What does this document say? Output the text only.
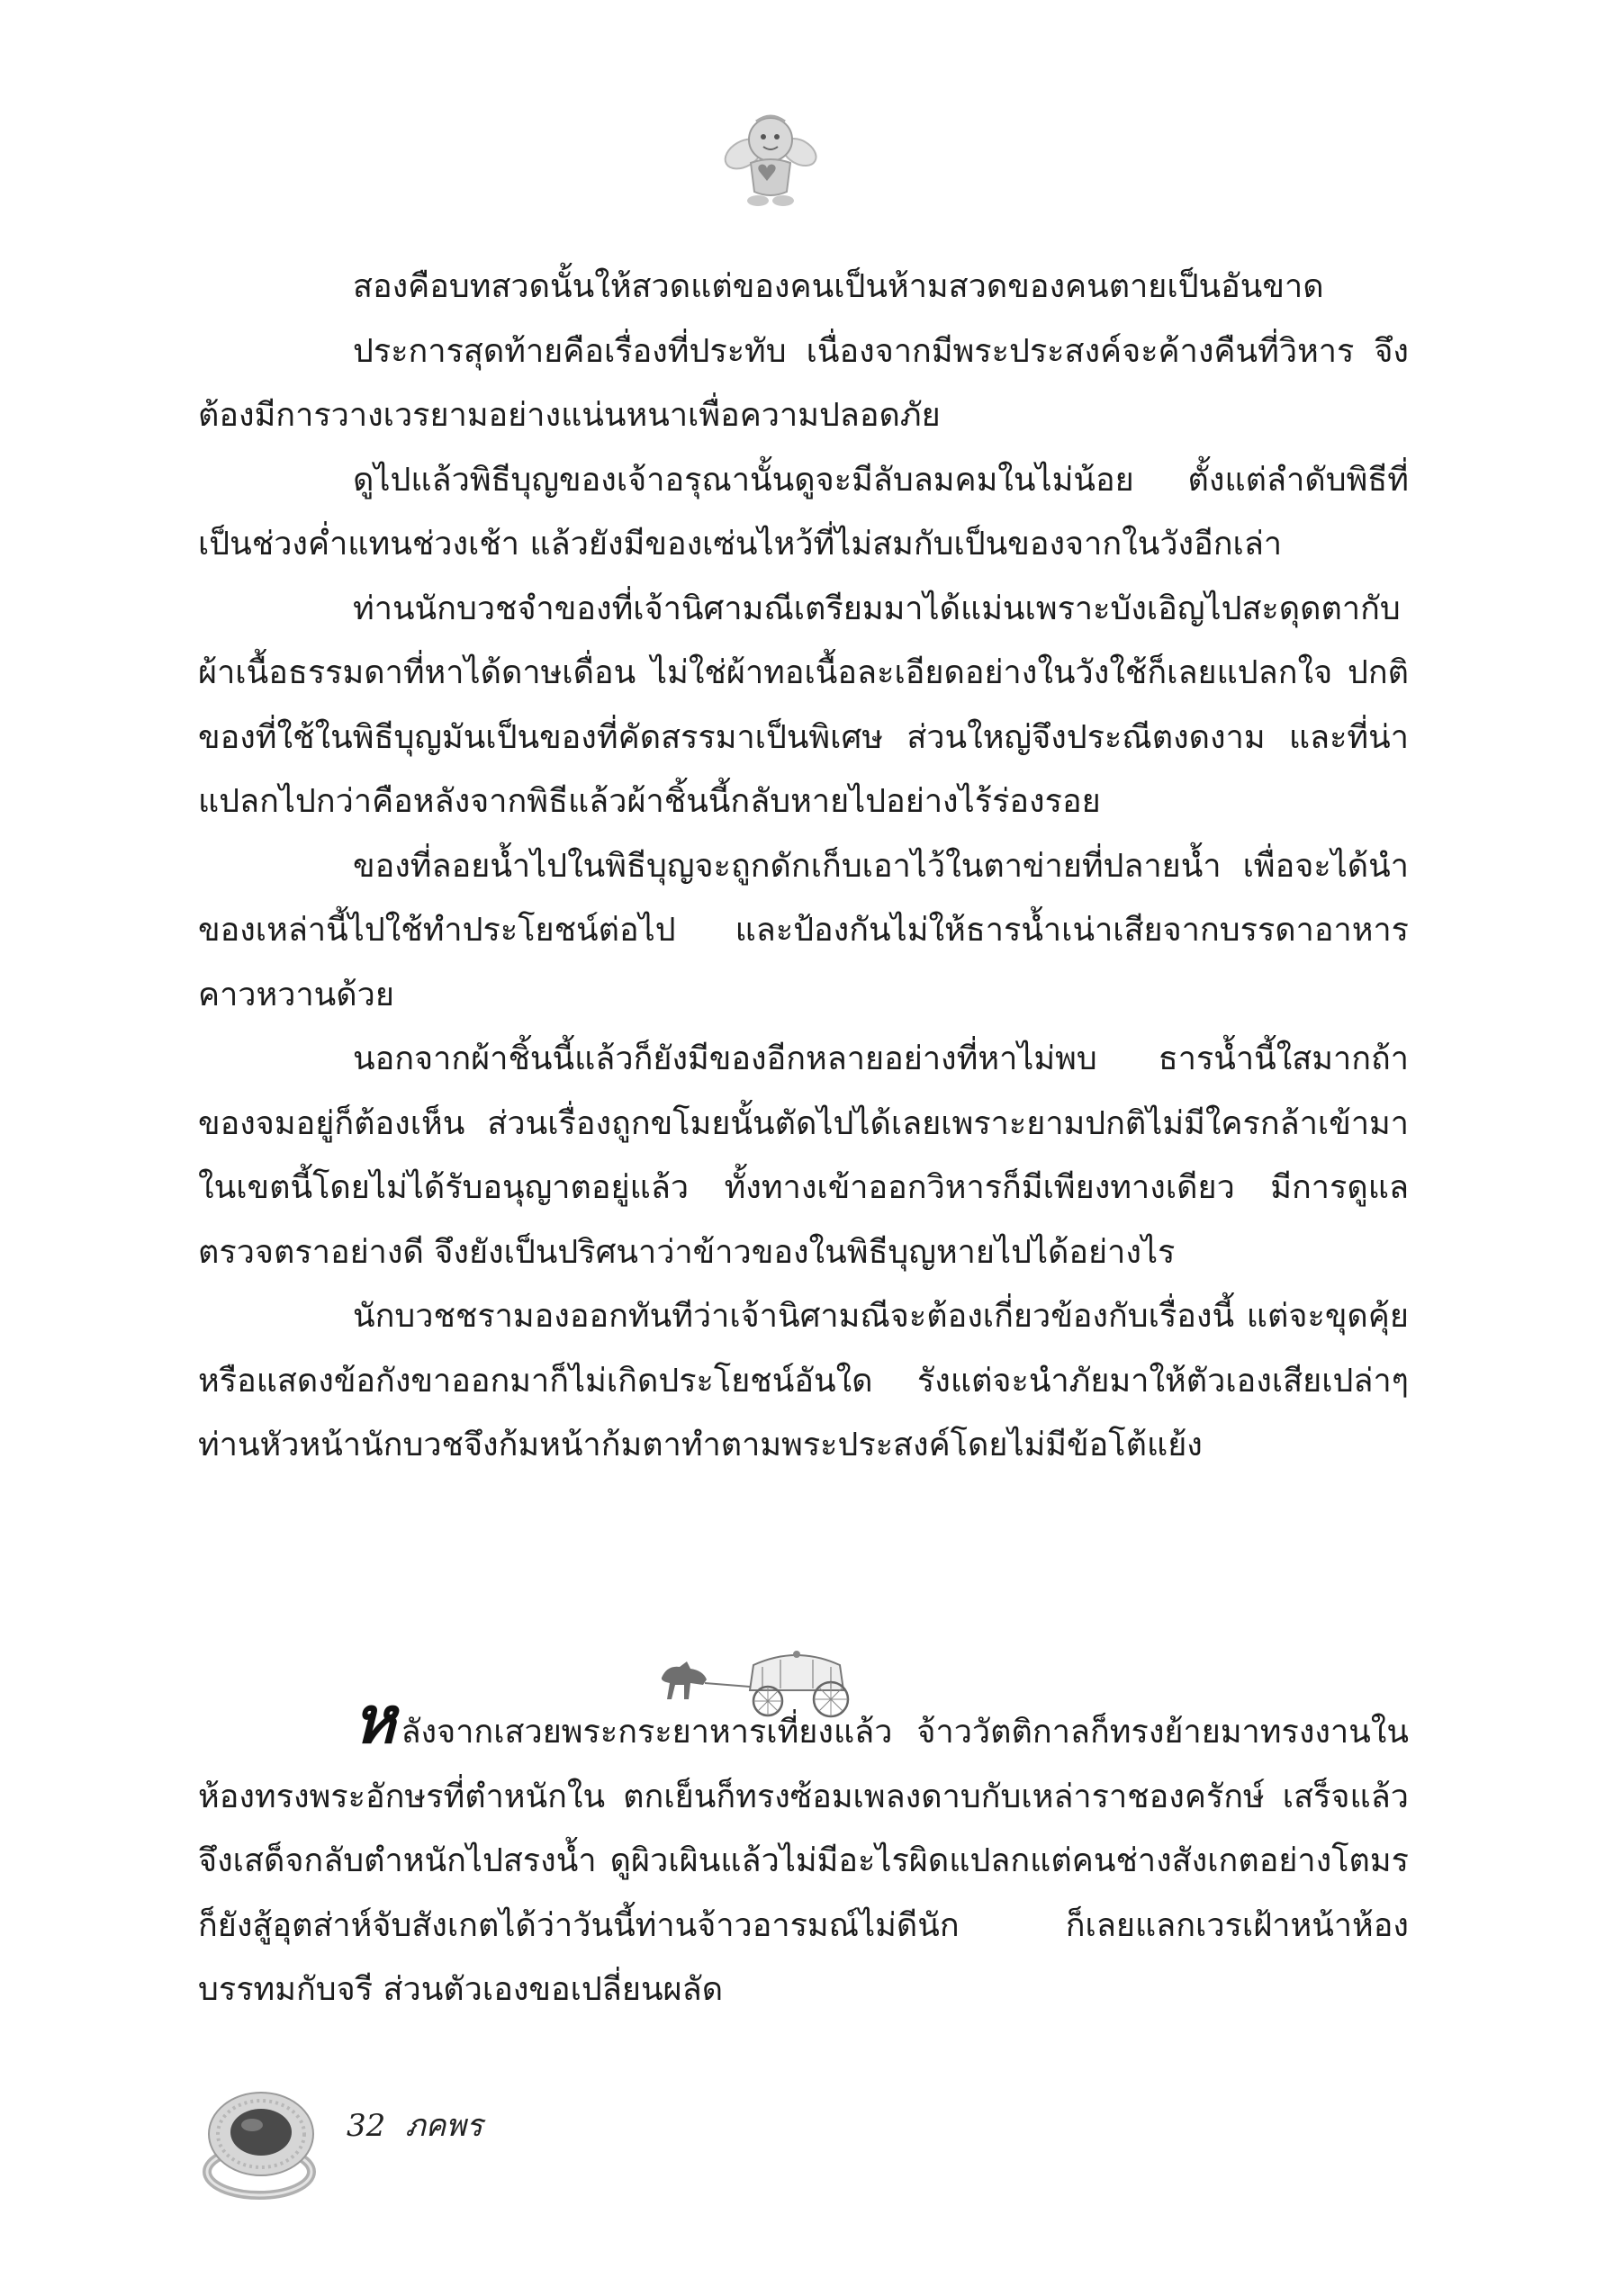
สองคือบทสวดนั้นให้สวดแต่ของคนเป็นห้ามสวดของคนตายเป็นอันขาด

ประการสุดท้ายคือเรื่องที่ประทับ เนื่องจากมีพระประสงค์จะค้างคืนที่วิหาร จึงต้องมีการวางเวรยามอย่างแน่นหนาเพื่อความปลอดภัย

ดูไปแล้วพิธีบุญของเจ้าอรุณานั้นดูจะมีลับลมคมในไม่น้อย ตั้งแต่ลำดับพิธีที่เป็นช่วงค่ำแทนช่วงเช้า แล้วยังมีของเซ่นไหว้ที่ไม่สมกับเป็นของจากในวังอีกเล่า

ท่านนักบวชจำของที่เจ้านิศามณีเตรียมมาได้แม่นเพราะบังเอิญไปสะดุดตากับผ้าเนื้อธรรมดาที่หาได้ดาษเดื่อน ไม่ใช่ผ้าทอเนื้อละเอียดอย่างในวังใช้ก็เลยแปลกใจ ปกติของที่ใช้ในพิธีบุญมันเป็นของที่คัดสรรมาเป็นพิเศษ ส่วนใหญ่จึงประณีตงดงาม และที่น่าแปลกไปกว่าคือหลังจากพิธีแล้วผ้าชิ้นนี้กลับหายไปอย่างไร้ร่องรอย

ของที่ลอยน้ำไปในพิธีบุญจะถูกดักเก็บเอาไว้ในตาข่ายที่ปลายน้ำ เพื่อจะได้นำของเหล่านี้ไปใช้ทำประโยชน์ต่อไป และป้องกันไม่ให้ธารน้ำเน่าเสียจากบรรดาอาหารคาวหวานด้วย

นอกจากผ้าชิ้นนี้แล้วก็ยังมีของอีกหลายอย่างที่หาไม่พบ ธารน้ำนี้ใสมากถ้าของจมอยู่ก็ต้องเห็น ส่วนเรื่องถูกขโมยนั้นตัดไปได้เลยเพราะยามปกติไม่มีใครกล้าเข้ามาในเขตนี้โดยไม่ได้รับอนุญาตอยู่แล้ว ทั้งทางเข้าออกวิหารก็มีเพียงทางเดียว มีการดูแลตรวจตราอย่างดี จึงยังเป็นปริศนาว่าข้าวของในพิธีบุญหายไปได้อย่างไร

นักบวชชรามองออกทันทีว่าเจ้านิศามณีจะต้องเกี่ยวข้องกับเรื่องนี้ แต่จะขุดคุ้ยหรือแสดงข้อกังขาออกมาก็ไม่เกิดประโยชน์อันใด รังแต่จะนำภัยมาให้ตัวเองเสียเปล่าๆ ท่านหัวหน้านักบวชจึงก้มหน้าก้มตาทำตามพระประสงค์โดยไม่มีข้อโต้แย้ง

หลังจากเสวยพระกระยาหารเที่ยงแล้ว จ้าววัตติกาลก็ทรงย้ายมาทรงงานในห้องทรงพระอักษรที่ตำหนักใน ตกเย็นก็ทรงซ้อมเพลงดาบกับเหล่าราชองครักษ์ เสร็จแล้วจึงเสด็จกลับตำหนักไปสรงน้ำ ดูผิวเผินแล้วไม่มีอะไรผิดแปลกแต่คนช่างสังเกตอย่างโตมรก็ยังสู้อุตส่าห์จับสังเกตได้ว่าวันนี้ท่านจ้าวอารมณ์ไม่ดีนัก ก็เลยแลกเวรเฝ้าหน้าห้องบรรทมกับจรี ส่วนตัวเองขอเปลี่ยนผลัด

32 ภคพร
